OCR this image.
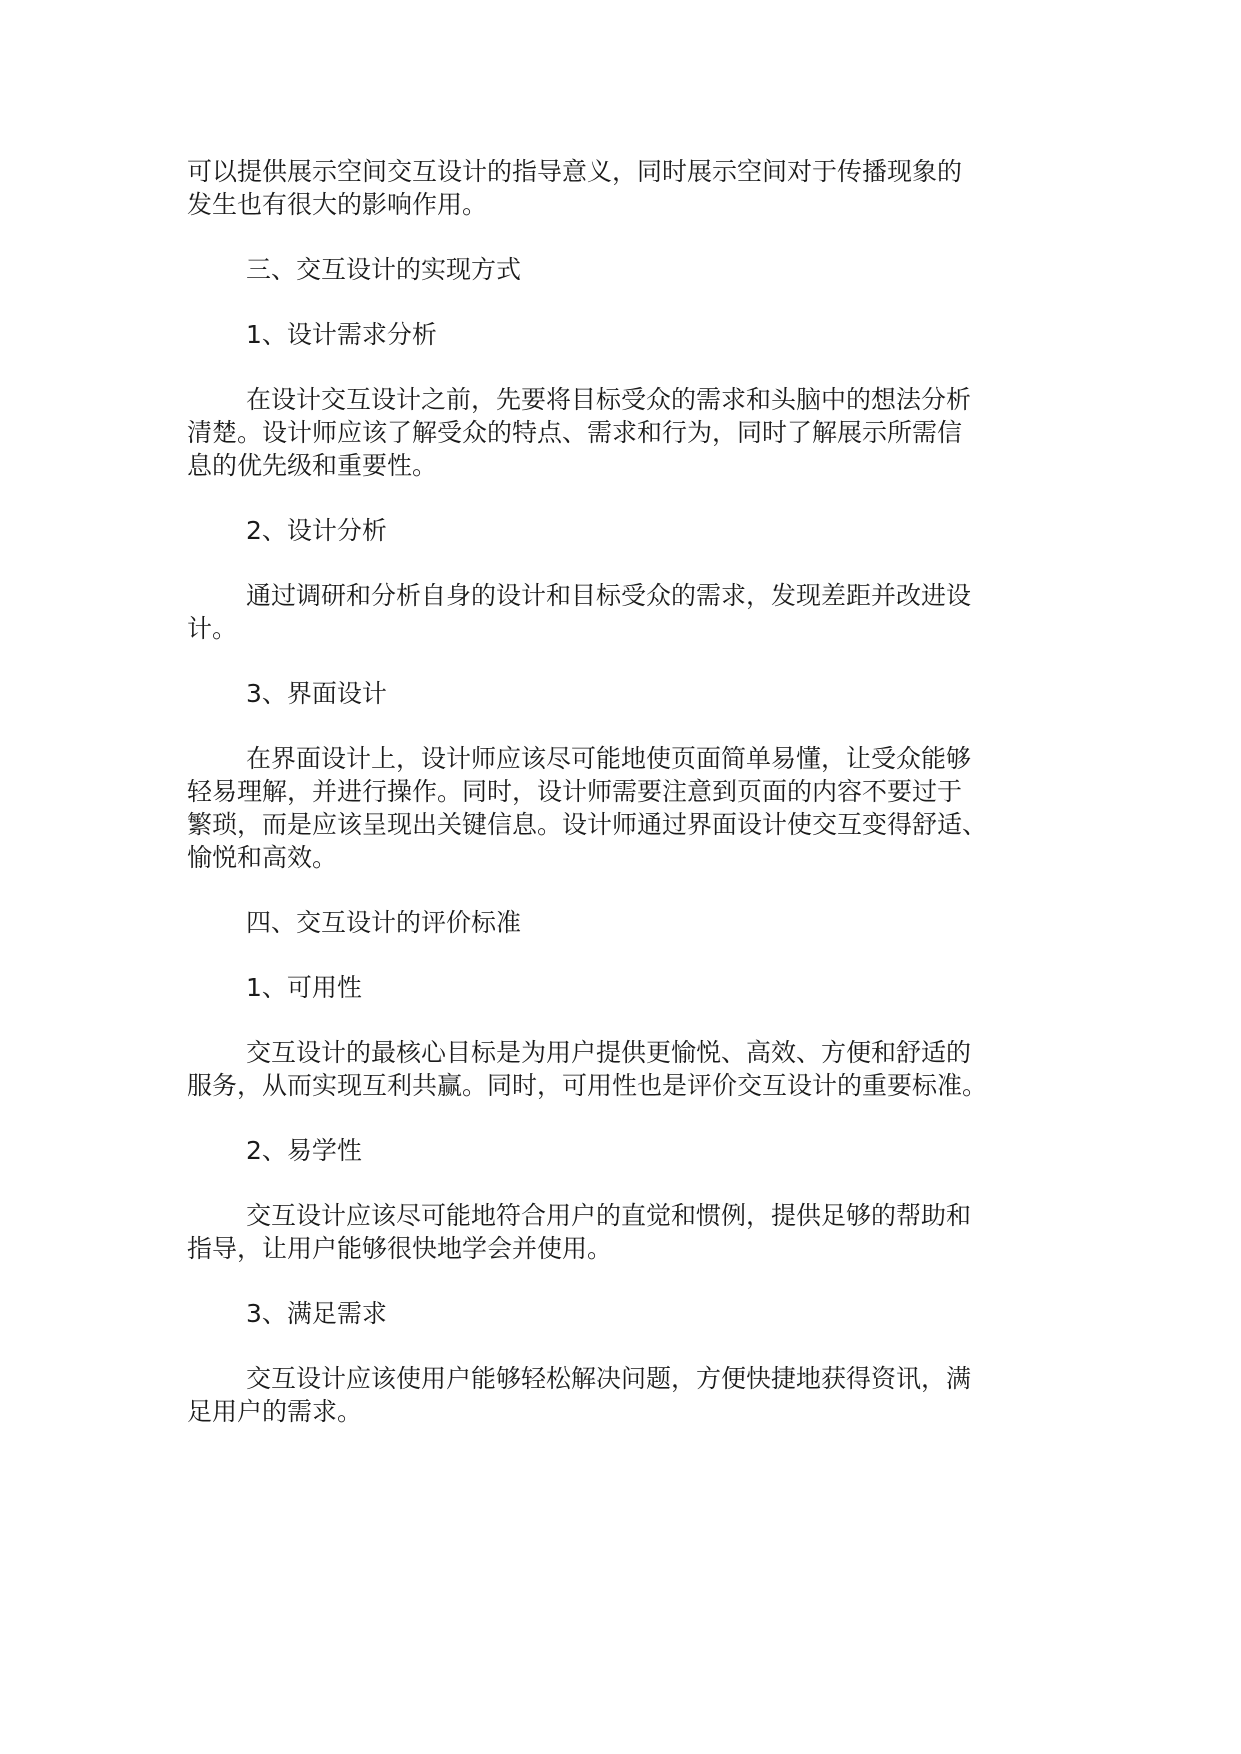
可以提供展示空间交互设计的指导意义，同时展示空间对于传播现象的
发生也有很大的影响作用。
三、交互设计的实现方式
1、设计需求分析
在设计交互设计之前，先要将目标受众的需求和头脑中的想法分析
清楚。设计师应该了解受众的特点、需求和行为，同时了解展示所需信
息的优先级和重要性。
2、设计分析
通过调研和分析自身的设计和目标受众的需求，发现差距并改进设
计。
3、界面设计
在界面设计上，设计师应该尽可能地使页面简单易懂，让受众能够
轻易理解，并进行操作。同时，设计师需要注意到页面的内容不要过于
繁琐，而是应该呈现出关键信息。设计师通过界面设计使交互变得舒适、
愉悦和高效。
四、交互设计的评价标准
1、可用性
交互设计的最核心目标是为用户提供更愉悦、高效、方便和舒适的
服务，从而实现互利共赢。同时，可用性也是评价交互设计的重要标准。
2、易学性
交互设计应该尽可能地符合用户的直觉和惯例，提供足够的帮助和
指导，让用户能够很快地学会并使用。
3、满足需求
交互设计应该使用户能够轻松解决问题，方便快捷地获得资讯，满
足用户的需求。
